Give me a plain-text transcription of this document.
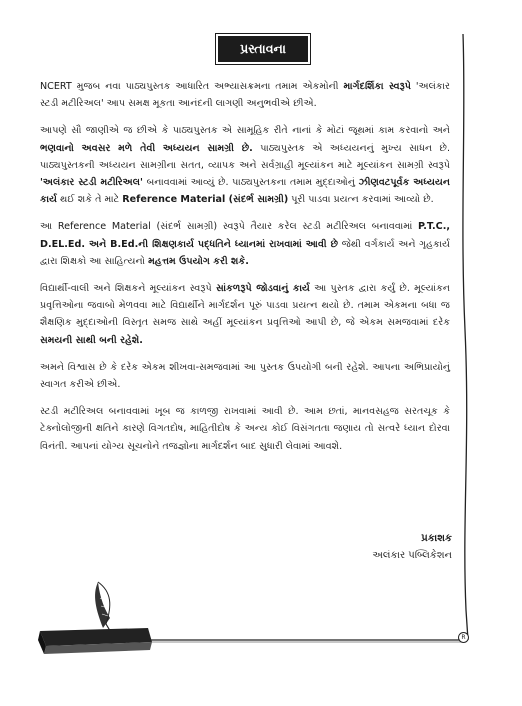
પ્રસ્તાવના

NCERT મુજબ નવા પાઠ્યપુસ્તક આધારિત અભ્યાસક્રમના તમામ એકમોની માર્ગદર્શિકા સ્વરૂપે 'અલંકાર સ્ટડી મટીરિઅલ' આપ સમક્ષ મૂકતા આનંદની લાગણી અનુભવીએ છીએ.

આપણે સૌ જાણીએ જ છીએ કે પાઠ્યપુસ્તક એ સામૂહિક રીતે નાનાં કે મોટાં જૂથમાં કામ કરવાનો અને ભણવાનો અવસર મળે તેવી અધ્યયન સામગ્રી છે. પાઠ્યપુસ્તક એ અધ્યયનનું મુખ્ય સાધન છે. પાઠ્યપુસ્તકની અધ્યયન સામગ્રીના સતત, વ્યાપક અને સર્વગ્રાહી મૂલ્યાંકન માટે મૂલ્યાંકન સામગ્રી સ્વરૂપે 'અલંકાર સ્ટડી મટીરિઅલ' બનાવવામાં આવ્યું છે. પાઠ્યપુસ્તકના તમામ મુદ્દાઓનું ઝીણવટપૂર્વક અધ્યયન કાર્ય થઈ શકે તે માટે Reference Material (સંદર્ભ સામગ્રી) પૂરી પાડવા પ્રયત્ન કરવામાં આવ્યો છે.

આ Reference Material (સંદર્ભ સામગ્રી) સ્વરૂપે તૈયાર કરેલ સ્ટડી મટીરિઅલ બનાવવામાં P.T.C., D.EL.Ed. અને B.Ed.ની શિક્ષણકાર્ય પદ્ધતિને ધ્યાનમાં રાખવામાં આવી છે જેથી વર્ગકાર્ય અને ગૃહકાર્ય દ્વારા શિક્ષકો આ સાહિત્યનો મહત્તમ ઉપયોગ કરી શકે.

વિદ્યાર્થી-વાલી અને શિક્ષકને મૂલ્યાંકન સ્વરૂપે સાંકળરૂપે જોડવાનું કાર્ય આ પુસ્તક દ્વારા કર્યું છે. મૂલ્યાંકન પ્રવૃત્તિઓના જવાબો મેળવવા માટે વિદ્યાર્થીને માર્ગદર્શન પૂરું પાડવા પ્રયત્ન થયો છે. તમામ એકમના બધા જ શૈક્ષણિક મુદ્દાઓની વિસ્તૃત સમજ સાથે અહીં મૂલ્યાંકન પ્રવૃત્તિઓ આપી છે, જે એકમ સમજવામાં દરેક સમયની સાથી બની રહેશે.

અમને વિશ્વાસ છે કે દરેક એકમ શીખવા-સમજવામાં આ પુસ્તક ઉપયોગી બની રહેશે. આપના અભિપ્રાયોનું સ્વાગત કરીએ છીએ.

સ્ટડી મટીરિઅલ બનાવવામાં ખૂબ જ કાળજી રાખવામાં આવી છે. આમ છતાં, માનવસહજ સરતચૂક કે ટેક્નોલોજીની ક્ષતિને કારણે વિગતદોષ, માહિતીદોષ કે અન્ય કોઈ વિસંગતતા જણાય તો સત્વરે ધ્યાન દોરવા વિનંતી. આપનાં યોગ્ય સૂચનોને તજજ્ઞોના માર્ગદર્શન બાદ સુધારી લેવામાં આવશે.

પ્રકાશક
અલંકાર પબ્લિકેશન
R
